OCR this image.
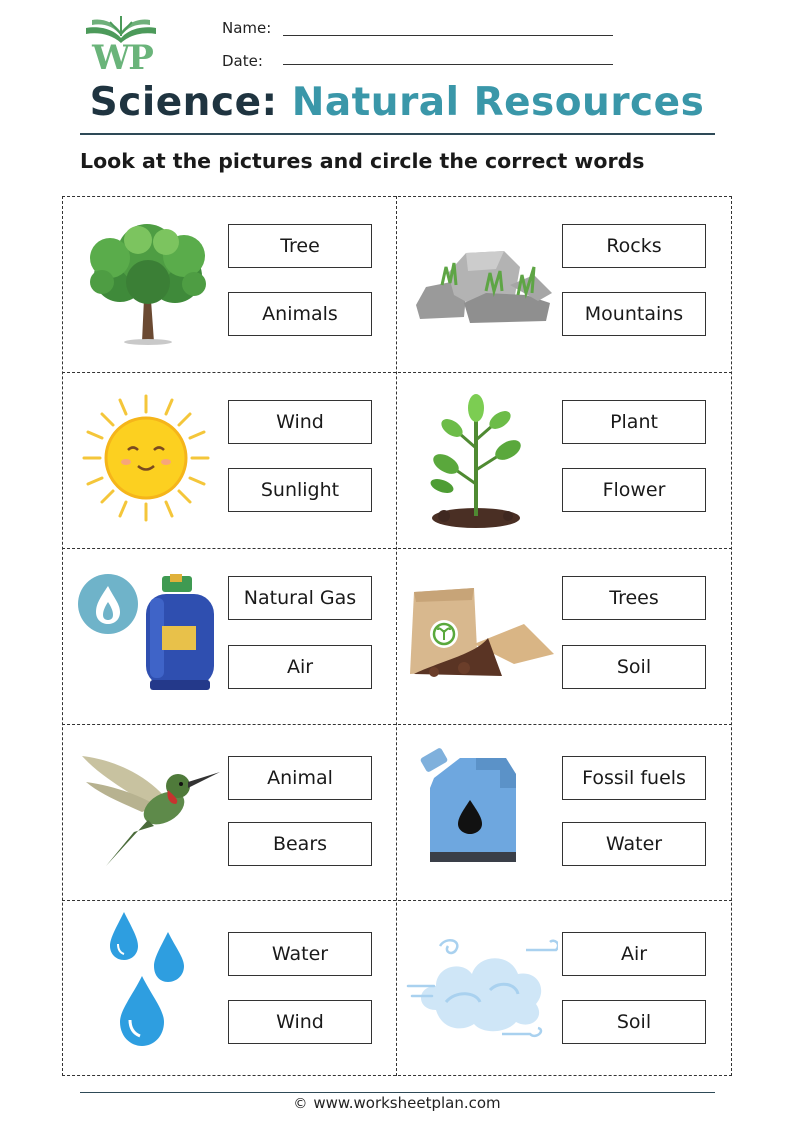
WP
Name:
Date:
Science: Natural Resources
Look at the pictures and circle the correct words
Tree
Animals
Rocks
Mountains
Wind
Sunlight
Plant
Flower
Natural Gas
Air
Trees
Soil
Animal
Bears
Fossil fuels
Water
Water
Wind
Air
Soil
© www.worksheetplan.com
